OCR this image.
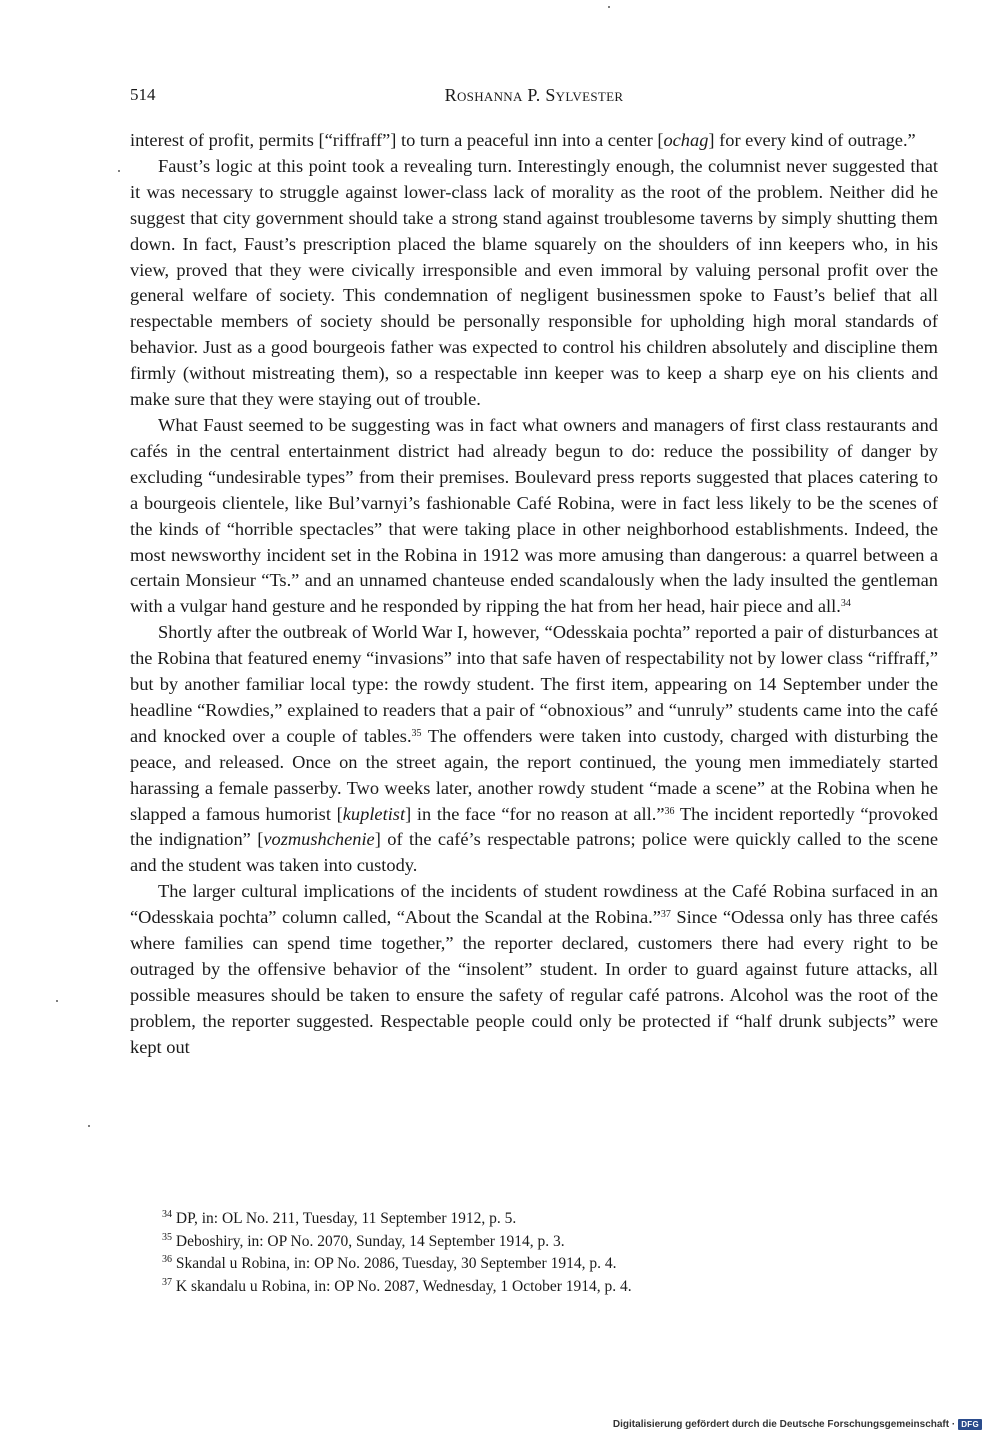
514	Roshanna P. Sylvester

interest of profit, permits [“riffraff”] to turn a peaceful inn into a center [ochag] for every kind of outrage.”

Faust’s logic at this point took a revealing turn. Interestingly enough, the columnist never suggested that it was necessary to struggle against lower-class lack of morality as the root of the problem. Neither did he suggest that city government should take a strong stand against troublesome taverns by simply shutting them down. In fact, Faust’s prescription placed the blame squarely on the shoulders of inn keepers who, in his view, proved that they were civically irresponsible and even immoral by valuing personal profit over the general welfare of society. This condemnation of negligent businessmen spoke to Faust’s belief that all respectable members of society should be personally responsible for upholding high moral standards of behavior. Just as a good bourgeois father was expected to control his children absolutely and discipline them firmly (without mistreating them), so a respectable inn keeper was to keep a sharp eye on his clients and make sure that they were staying out of trouble.

What Faust seemed to be suggesting was in fact what owners and managers of first class restaurants and cafés in the central entertainment district had already begun to do: reduce the possibility of danger by excluding “undesirable types” from their premises. Boulevard press reports suggested that places catering to a bourgeois clientele, like Bul’varnyi’s fashionable Café Robina, were in fact less likely to be the scenes of the kinds of “horrible spectacles” that were taking place in other neighborhood establishments. Indeed, the most newsworthy incident set in the Robina in 1912 was more amusing than dangerous: a quarrel between a certain Monsieur “Ts.” and an unnamed chanteuse ended scandalously when the lady insulted the gentleman with a vulgar hand gesture and he responded by ripping the hat from her head, hair piece and all.$^{34}$

Shortly after the outbreak of World War I, however, “Odesskaia pochta” reported a pair of disturbances at the Robina that featured enemy “invasions” into that safe haven of respectability not by lower class “riffraff,” but by another familiar local type: the rowdy student. The first item, appearing on 14 September under the headline “Rowdies,” explained to readers that a pair of “obnoxious” and “unruly” students came into the café and knocked over a couple of tables.$^{35}$ The offenders were taken into custody, charged with disturbing the peace, and released. Once on the street again, the report continued, the young men immediately started harassing a female passerby. Two weeks later, another rowdy student “made a scene” at the Robina when he slapped a famous humorist [kupletist] in the face “for no reason at all.”$^{36}$ The incident reportedly “provoked the indignation” [vozmushchenie] of the café’s respectable patrons; police were quickly called to the scene and the student was taken into custody.

The larger cultural implications of the incidents of student rowdiness at the Café Robina surfaced in an “Odesskaia pochta” column called, “About the Scandal at the Robina.”$^{37}$ Since “Odessa only has three cafés where families can spend time together,” the reporter declared, customers there had every right to be outraged by the offensive behavior of the “insolent” student. In order to guard against future attacks, all possible measures should be taken to ensure the safety of regular café patrons. Alcohol was the root of the problem, the reporter suggested. Respectable people could only be protected if “half drunk subjects” were kept out

$^{34}$ DP, in: OL No. 211, Tuesday, 11 September 1912, p. 5.

$^{35}$ Deboshiry, in: OP No. 2070, Sunday, 14 September 1914, p. 3.

$^{36}$ Skandal u Robina, in: OP No. 2086, Tuesday, 30 September 1914, p. 4.

$^{37}$ K skandalu u Robina, in: OP No. 2087, Wednesday, 1 October 1914, p. 4.

Digitalisierung gefördert durch die Deutsche Forschungsgemeinschaft · DFG
